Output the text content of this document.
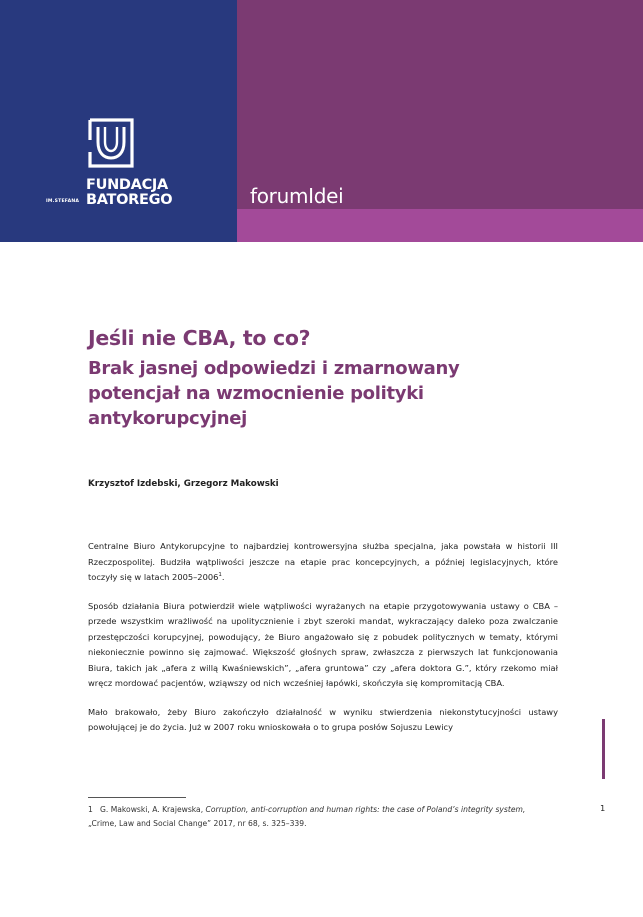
FUNDACJA
IM.STEFANA BATOREGO	forumIdei
Jeśli nie CBA, to co?
Brak jasnej odpowiedzi i zmarnowany potencjał na wzmocnienie polityki antykorupcyjnej
Krzysztof Izdebski, Grzegorz Makowski

Centralne Biuro Antykorupcyjne to najbardziej kontrowersyjna służba specjalna, jaka powstała w historii III Rzeczpospolitej. Budziła wątpliwości jeszcze na etapie prac koncepcyjnych, a później legislacyjnych, które toczyły się w latach 2005–2006$^1$.

Sposób działania Biura potwierdził wiele wątpliwości wyrażanych na etapie przygotowywania ustawy o CBA – przede wszystkim wrażliwość na upolitycznienie i zbyt szeroki mandat, wykraczający daleko poza zwalczanie przestępczości korupcyjnej, powodujący, że Biuro angażowało się z pobudek politycznych w tematy, którymi niekoniecznie powinno się zajmować. Większość głośnych spraw, zwłaszcza z pierwszych lat funkcjonowania Biura, takich jak „afera z willą Kwaśniewskich”, „afera gruntowa” czy „afera doktora G.”, który rzekomo miał wręcz mordować pacjentów, wziąwszy od nich wcześniej łapówki, skończyła się kompromitacją CBA.

Mało brakowało, żeby Biuro zakończyło działalność w wyniku stwierdzenia niekonstytucyjności ustawy powołującej je do życia. Już w 2007 roku wnioskowała o to grupa posłów Sojuszu Lewicy

1 G. Makowski, A. Krajewska, Corruption, anti-corruption and human rights: the case of Poland’s integrity system,
„Crime, Law and Social Change” 2017, nr 68, s. 325–339.
1
